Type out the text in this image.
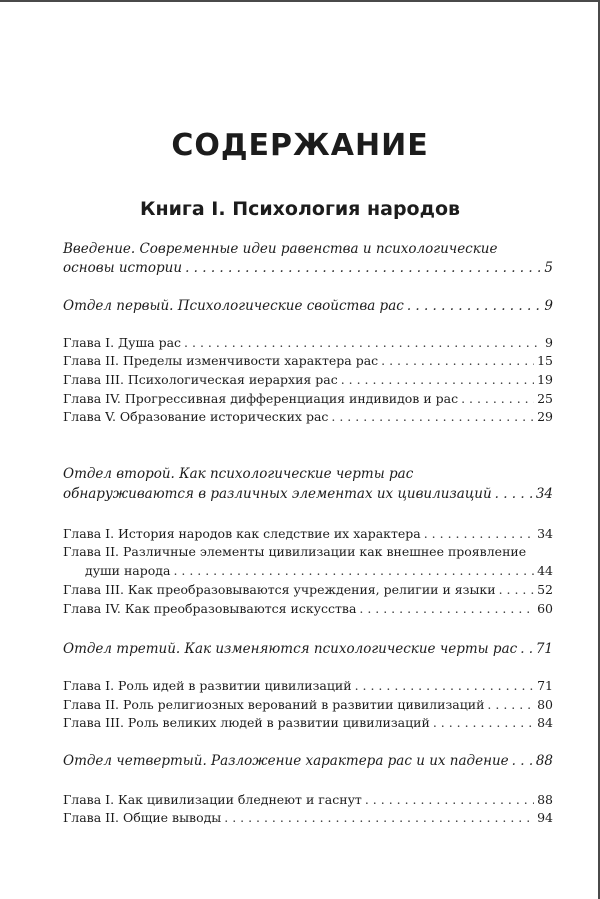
СОДЕРЖАНИЕ
Книга I. Психология народов
Введение. Современные идеи равенства и психологические
основы истории . . .	5
Отдел первый. Психологические свойства рас . . .	9
Глава I. Душа рас . . .	9
Глава II. Пределы изменчивости характера рас . . .	15
Глава III. Психологическая иерархия рас . . .	19
Глава IV. Прогрессивная дифференциация индивидов и рас . . .	25
Глава V. Образование исторических рас . . .	29
Отдел второй. Как психологические черты рас
обнаруживаются в различных элементах их цивилизаций . . .	34
Глава I. История народов как следствие их характера . . .	34
Глава II. Различные элементы цивилизации как внешнее проявление
души народа . . .	44
Глава III. Как преобразовываются учреждения, религии и языки . . .	52
Глава IV. Как преобразовываются искусства . . .	60
Отдел третий. Как изменяются психологические черты рас . . . 71
Глава I. Роль идей в развитии цивилизаций . . .	71
Глава II. Роль религиозных верований в развитии цивилизаций . . .	80
Глава III. Роль великих людей в развитии цивилизаций . . .	84
Отдел четвертый. Разложение характера рас и их падение . . . 88
Глава I. Как цивилизации бледнеют и гаснут . . .	88
Глава II. Общие выводы . . .	94
